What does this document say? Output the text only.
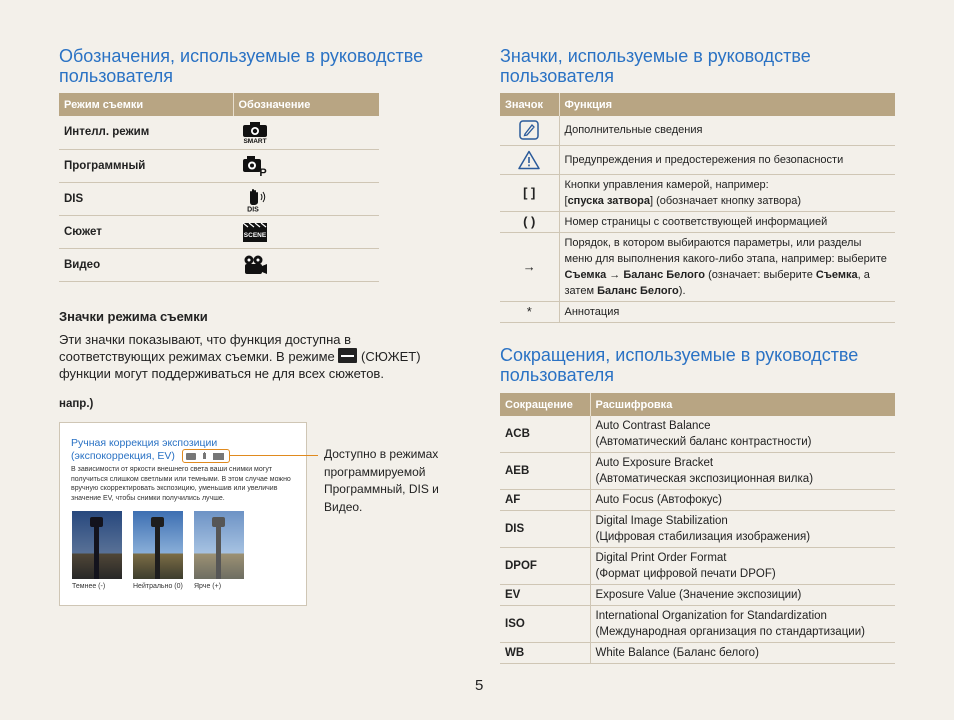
Обозначения, используемые в руководстве пользователя
Режим съемки	Обозначение
Интелл. режим	SMART

Программный	P

DIS	DIS

Сюжет	SCENE

Видео	
Значки режима съемки
Эти значки показывают, что функция доступна в соответствующих режимах съемки. В режиме (СЮЖЕТ) функции могут поддерживаться не для всех сюжетов.
напр.)
Ручная коррекция экспозиции (экспокоррекция, EV)
В зависимости от яркости внешнего света ваши снимки могут получиться слишком светлыми или темными. В этом случае можно вручную скорректировать экспозицию, уменьшив или увеличив значение EV, чтобы снимки получились лучше.
Темнее (-)	Нейтрально (0) Ярче (+)
Доступно в режимах программируемой Программный, DIS и Видео.
Значки, используемые в руководстве пользователя
Значок	Функция

	Дополнительные сведения

	Предупреждения и предостережения по безопасности
[ ]	Кнопки управления камерой, например:
[спуска затвора] (обозначает кнопку затвора)
( )	Номер страницы с соответствующей информацией
→	Порядок, в котором выбираются параметры, или разделы меню для выполнения какого-либо этапа, например: выберите Съемка → Баланс Белого (означает: выберите Съемка, а затем Баланс Белого).
*	Аннотация
Сокращения, используемые в руководстве пользователя
Сокращение	Расшифровка
ACB	Auto Contrast Balance
(Автоматический баланс контрастности)
AEB	Auto Exposure Bracket
(Автоматическая экспозиционная вилка)
AF	Auto Focus (Автофокус)
DIS	Digital Image Stabilization
(Цифровая стабилизация изображения)
DPOF	Digital Print Order Format
(Формат цифровой печати DPOF)
EV	Exposure Value (Значение экспозиции)
ISO	International Organization for Standardization
(Международная организация по стандартизации)
WB	White Balance (Баланс белого)
5
